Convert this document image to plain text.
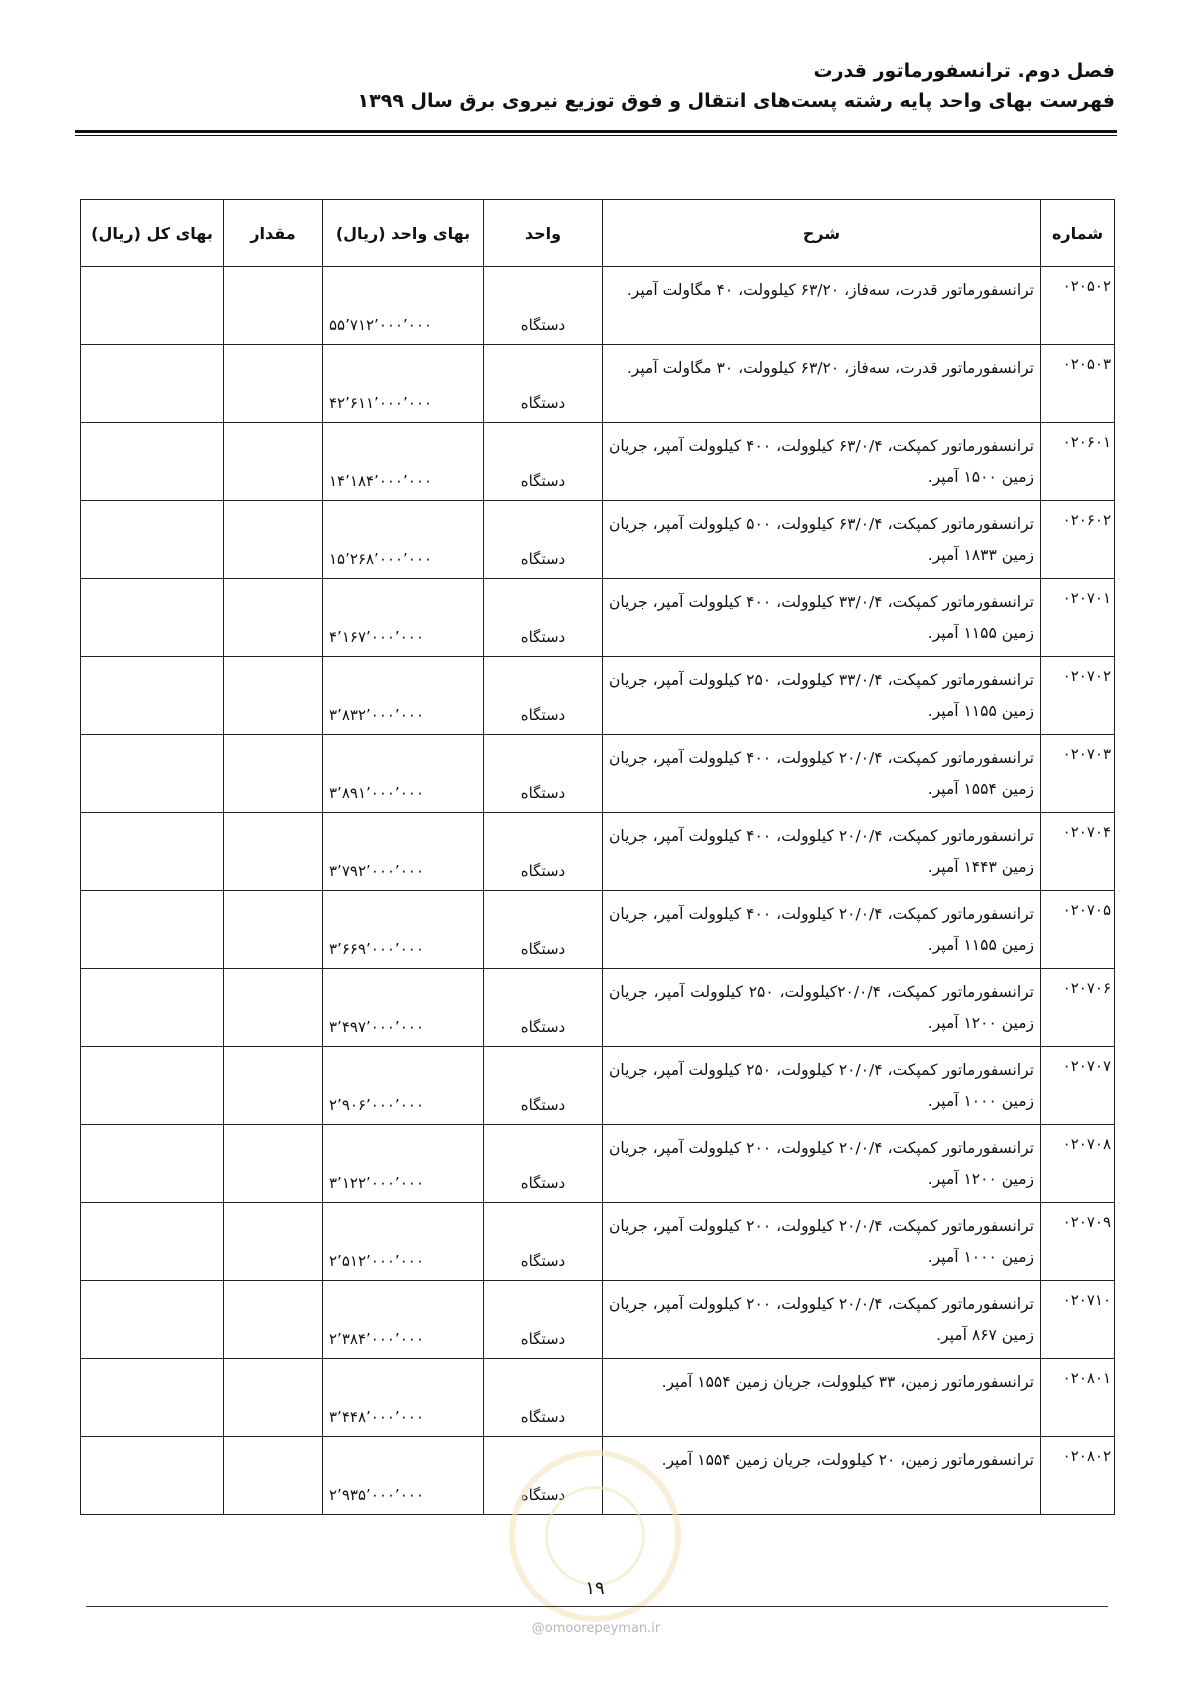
فصل دوم. ترانسفورماتور قدرت
فهرست بهای واحد پایه رشته پست‌های انتقال و فوق توزیع نیروی برق سال ۱۳۹۹
شماره	شرح	واحد	بهای واحد (ریال)	مقدار	بهای کل (ریال)
۰۲۰۵۰۲	ترانسفورماتور قدرت، سه‌فاز، ۶۳/۲۰ کیلوولت، ۴۰ مگاولت آمپر.	دستگاه	۵۵٬۷۱۲٬۰۰۰٬۰۰۰		
۰۲۰۵۰۳	ترانسفورماتور قدرت، سه‌فاز، ۶۳/۲۰ کیلوولت، ۳۰ مگاولت آمپر.	دستگاه	۴۲٬۶۱۱٬۰۰۰٬۰۰۰		
۰۲۰۶۰۱	ترانسفورماتور کمپکت، ۶۳/۰/۴ کیلوولت، ۴۰۰ کیلوولت آمپر، جریان زمین ۱۵۰۰ آمپر.	دستگاه	۱۴٬۱۸۴٬۰۰۰٬۰۰۰		
۰۲۰۶۰۲	ترانسفورماتور کمپکت، ۶۳/۰/۴ کیلوولت، ۵۰۰ کیلوولت آمپر، جریان زمین ۱۸۳۳ آمپر.	دستگاه	۱۵٬۲۶۸٬۰۰۰٬۰۰۰		
۰۲۰۷۰۱	ترانسفورماتور کمپکت، ۳۳/۰/۴ کیلوولت، ۴۰۰ کیلوولت آمپر، جریان زمین ۱۱۵۵ آمپر.	دستگاه	۴٬۱۶۷٬۰۰۰٬۰۰۰		
۰۲۰۷۰۲	ترانسفورماتور کمپکت، ۳۳/۰/۴ کیلوولت، ۲۵۰ کیلوولت آمپر، جریان زمین ۱۱۵۵ آمپر.	دستگاه	۳٬۸۳۲٬۰۰۰٬۰۰۰		
۰۲۰۷۰۳	ترانسفورماتور کمپکت، ۲۰/۰/۴ کیلوولت، ۴۰۰ کیلوولت آمپر، جریان زمین ۱۵۵۴ آمپر.	دستگاه	۳٬۸۹۱٬۰۰۰٬۰۰۰		
۰۲۰۷۰۴	ترانسفورماتور کمپکت، ۲۰/۰/۴ کیلوولت، ۴۰۰ کیلوولت آمپر، جریان زمین ۱۴۴۳ آمپر.	دستگاه	۳٬۷۹۲٬۰۰۰٬۰۰۰		
۰۲۰۷۰۵	ترانسفورماتور کمپکت، ۲۰/۰/۴ کیلوولت، ۴۰۰ کیلوولت آمپر، جریان زمین ۱۱۵۵ آمپر.	دستگاه	۳٬۶۶۹٬۰۰۰٬۰۰۰		
۰۲۰۷۰۶	ترانسفورماتور کمپکت، ۲۰/۰/۴کیلوولت، ۲۵۰ کیلوولت آمپر، جریان زمین ۱۲۰۰ آمپر.	دستگاه	۳٬۴۹۷٬۰۰۰٬۰۰۰		
۰۲۰۷۰۷	ترانسفورماتور کمپکت، ۲۰/۰/۴ کیلوولت، ۲۵۰ کیلوولت آمپر، جریان زمین ۱۰۰۰ آمپر.	دستگاه	۲٬۹۰۶٬۰۰۰٬۰۰۰		
۰۲۰۷۰۸	ترانسفورماتور کمپکت، ۲۰/۰/۴ کیلوولت، ۲۰۰ کیلوولت آمپر، جریان زمین ۱۲۰۰ آمپر.	دستگاه	۳٬۱۲۲٬۰۰۰٬۰۰۰		
۰۲۰۷۰۹	ترانسفورماتور کمپکت، ۲۰/۰/۴ کیلوولت، ۲۰۰ کیلوولت آمپر، جریان زمین ۱۰۰۰ آمپر.	دستگاه	۲٬۵۱۲٬۰۰۰٬۰۰۰		
۰۲۰۷۱۰	ترانسفورماتور کمپکت، ۲۰/۰/۴ کیلوولت، ۲۰۰ کیلوولت آمپر، جریان زمین ۸۶۷ آمپر.	دستگاه	۲٬۳۸۴٬۰۰۰٬۰۰۰		
۰۲۰۸۰۱	ترانسفورماتور زمین، ۳۳ کیلوولت، جریان زمین ۱۵۵۴ آمپر.	دستگاه	۳٬۴۴۸٬۰۰۰٬۰۰۰		
۰۲۰۸۰۲	ترانسفورماتور زمین، ۲۰ کیلوولت، جریان زمین ۱۵۵۴ آمپر.	دستگاه	۲٬۹۳۵٬۰۰۰٬۰۰۰		
۱۹
@omoorepeyman.ir
